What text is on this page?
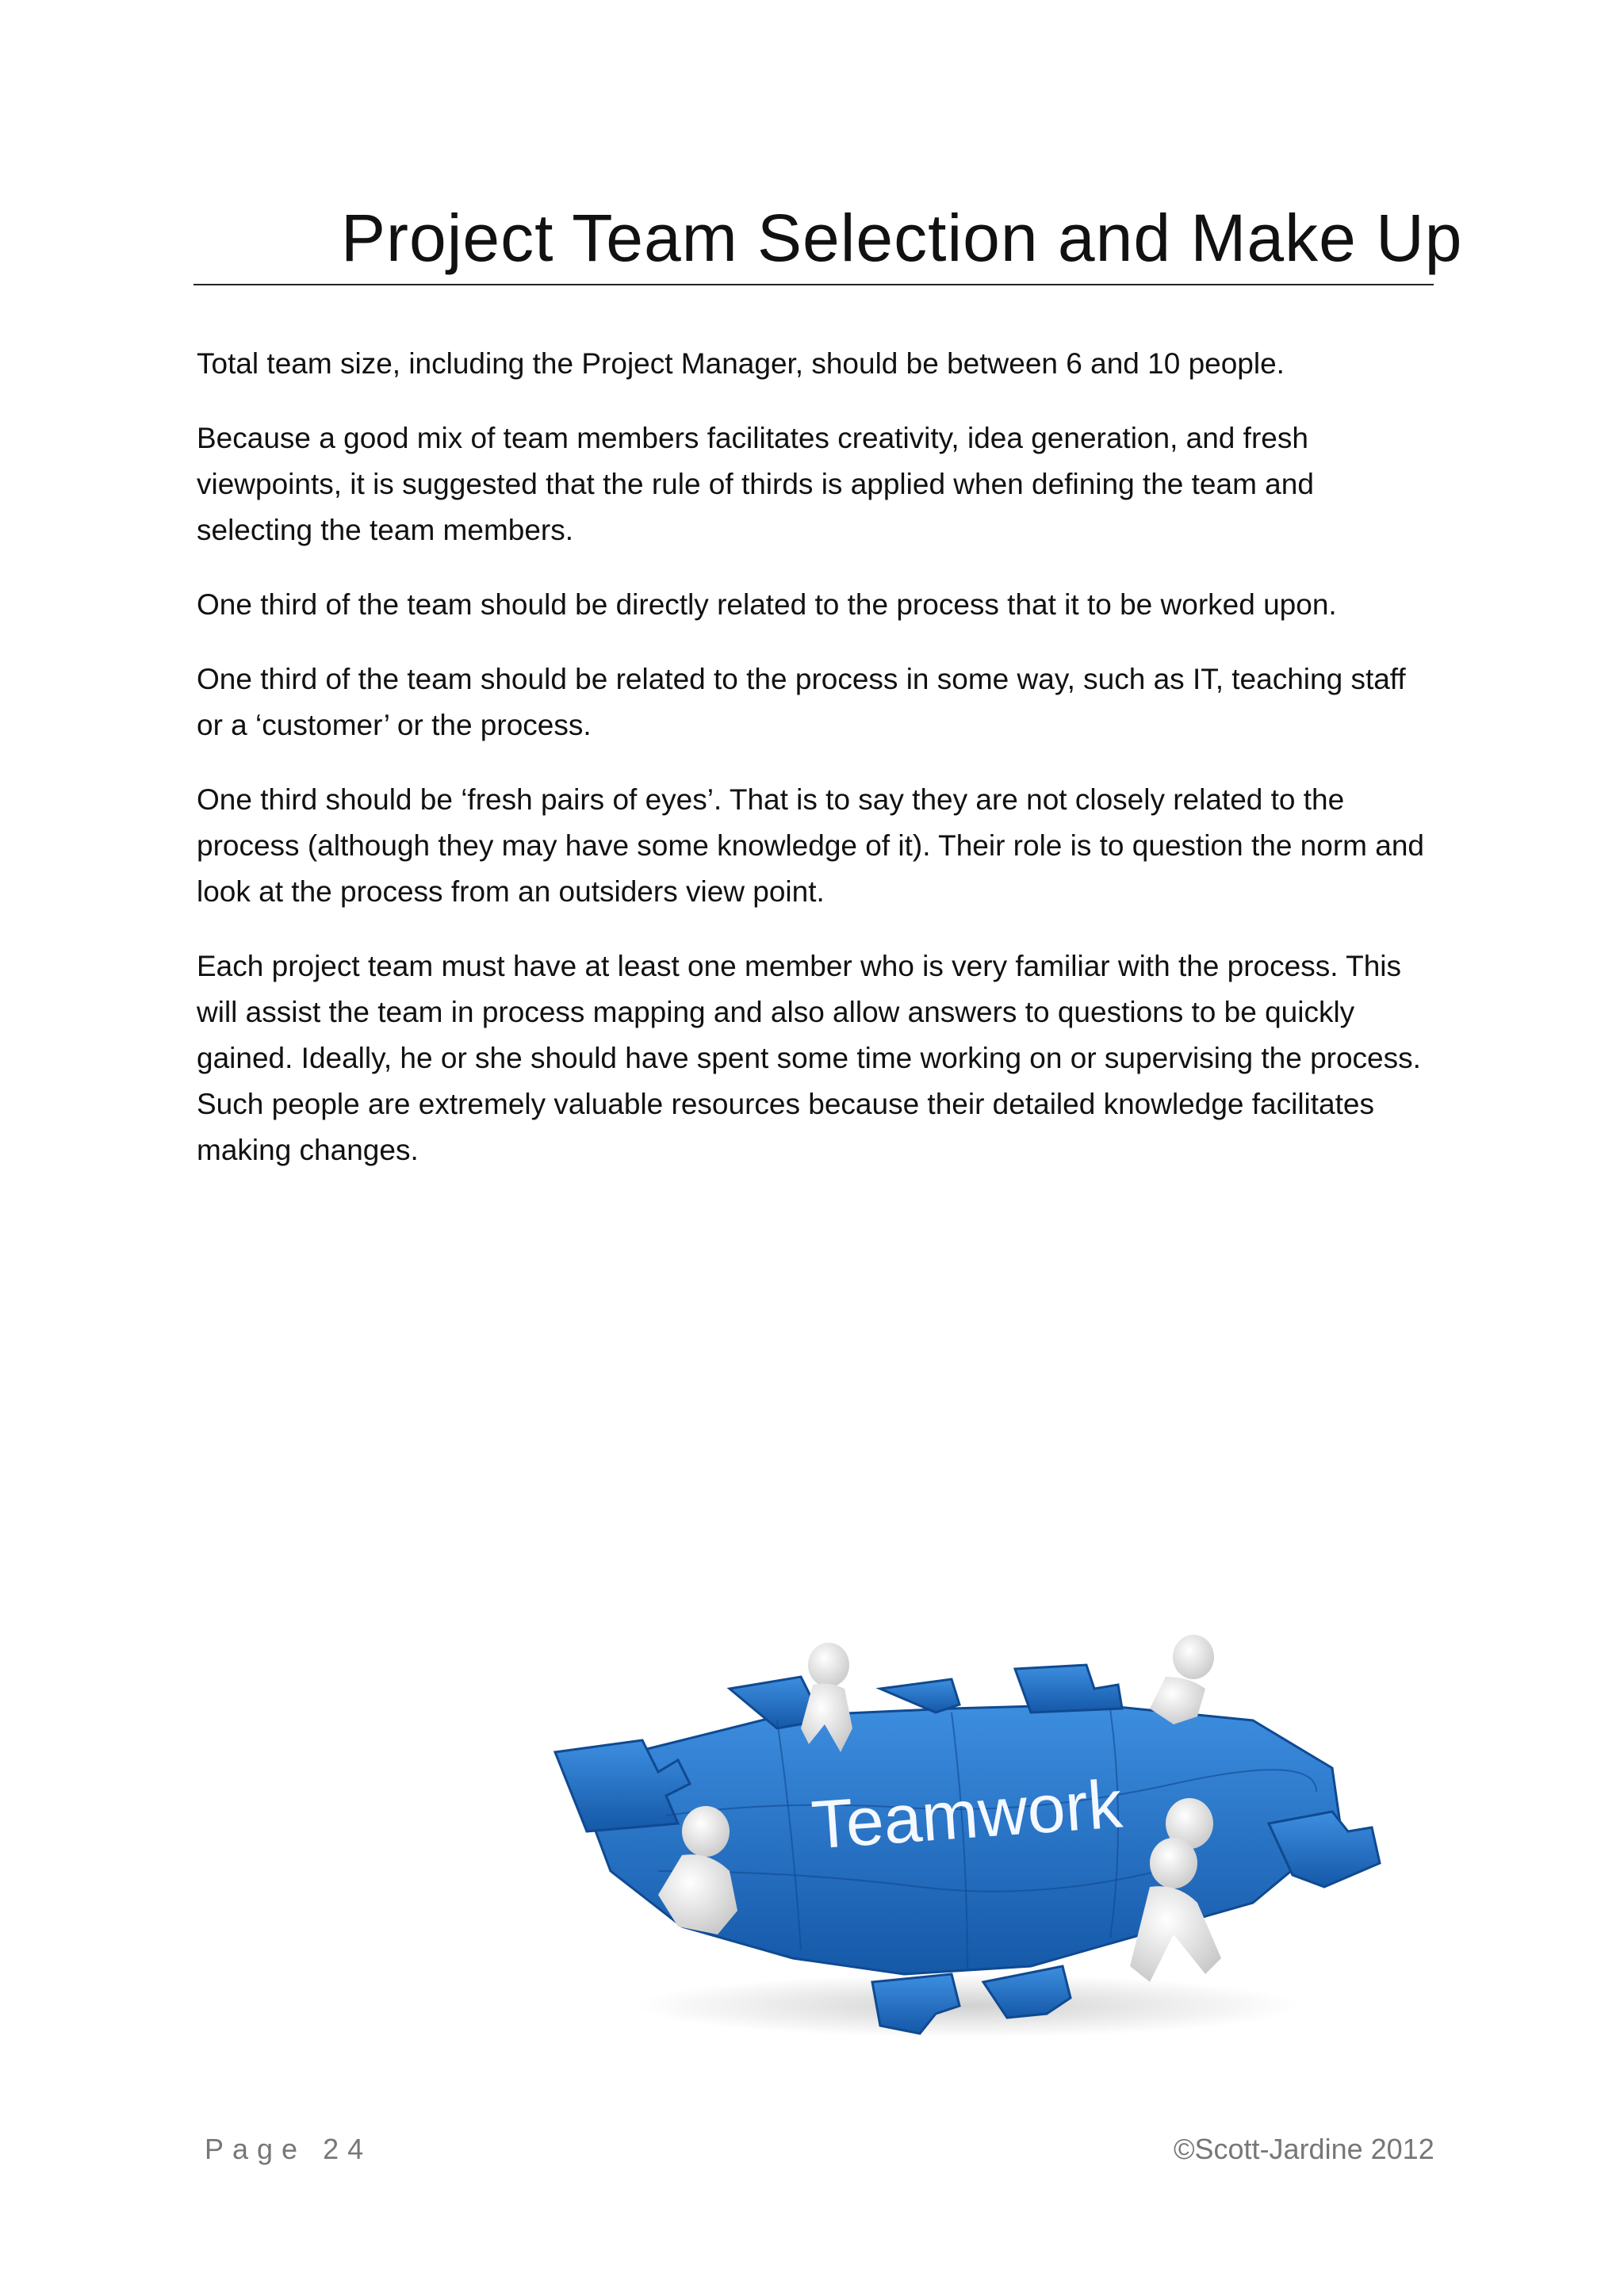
Project Team Selection and Make Up

Total team size, including the Project Manager, should be between 6 and 10 people.

Because a good mix of team members facilitates creativity, idea generation, and fresh viewpoints, it is suggested that the rule of thirds is applied when defining the team and selecting the team members.

One third of the team should be directly related to the process that it to be worked upon.

One third of the team should be related to the process in some way, such as IT, teaching staff or a ‘customer’ or the process.

One third should be ‘fresh pairs of eyes’. That is to say they are not closely related to the process (although they may have some knowledge of it). Their role is to question the norm and look at the process from an outsiders view point.

Each project team must have at least one member who is very familiar with the process. This will assist the team in process mapping and also allow answers to questions to be quickly gained. Ideally, he or she should have spent some time working on or supervising the process. Such people are extremely valuable resources because their detailed knowledge facilitates making changes.

Teamwork
Page 24	©Scott-Jardine 2012
